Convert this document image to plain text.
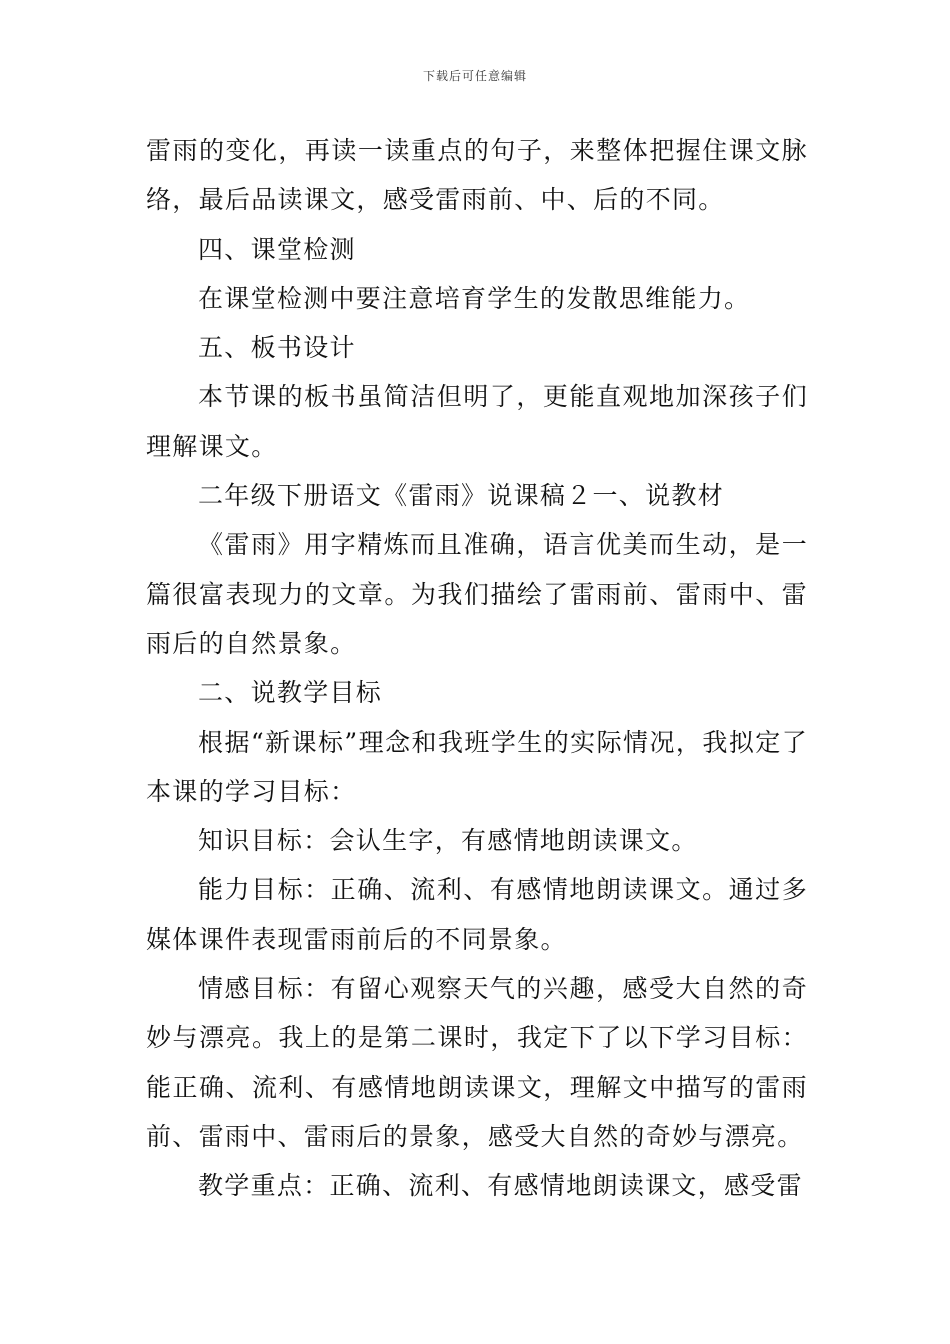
下载后可任意编辑

雷雨的变化，再读一读重点的句子，来整体把握住课文脉络，最后品读课文，感受雷雨前、中、后的不同。

四、课堂检测

在课堂检测中要注意培育学生的发散思维能力。

五、板书设计

本节课的板书虽简洁但明了，更能直观地加深孩子们理解课文。

二年级下册语文《雷雨》说课稿２一、说教材

《雷雨》用字精炼而且准确，语言优美而生动，是一篇很富表现力的文章。为我们描绘了雷雨前、雷雨中、雷雨后的自然景象。

二、说教学目标

根据“新课标”理念和我班学生的实际情况，我拟定了本课的学习目标：

知识目标：会认生字，有感情地朗读课文。

能力目标：正确、流利、有感情地朗读课文。通过多媒体课件表现雷雨前后的不同景象。

情感目标：有留心观察天气的兴趣，感受大自然的奇妙与漂亮。我上的是第二课时，我定下了以下学习目标：能正确、流利、有感情地朗读课文，理解文中描写的雷雨前、雷雨中、雷雨后的景象，感受大自然的奇妙与漂亮。

教学重点：正确、流利、有感情地朗读课文，感受雷
